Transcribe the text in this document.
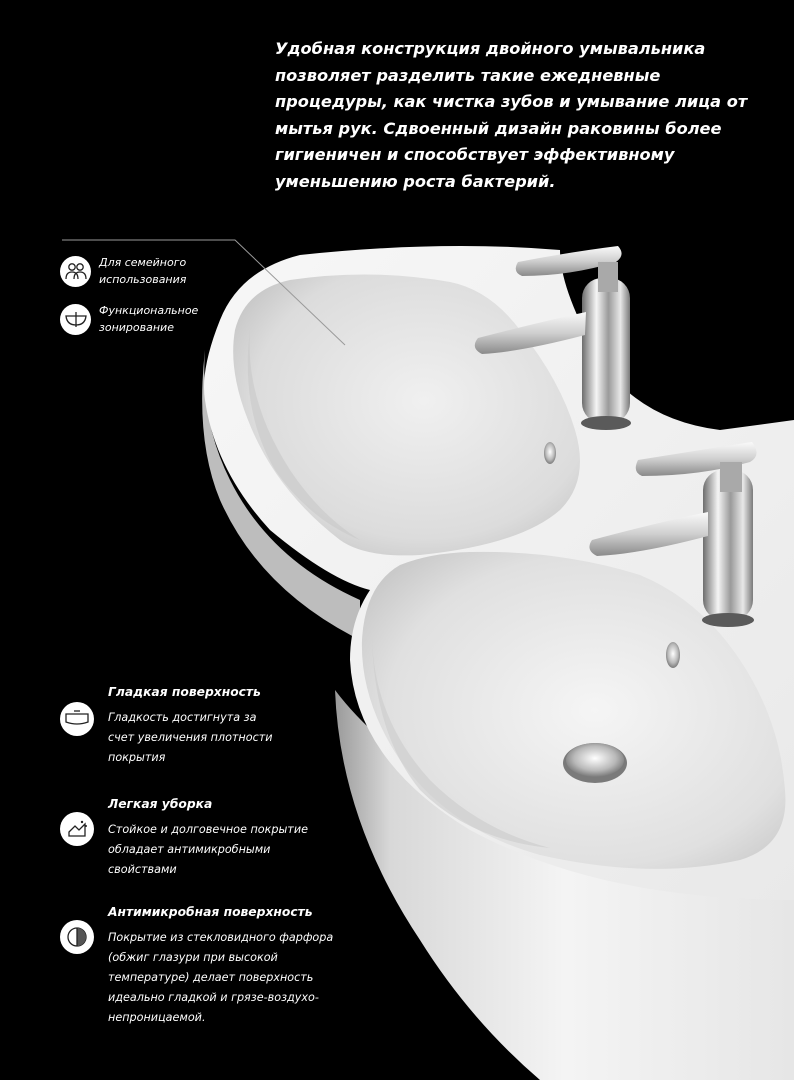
Удобная конструкция двойного умывальника
позволяет разделить такие ежедневные
процедуры, как чистка зубов и умывание лица от
мытья рук. Сдвоенный дизайн раковины более
гигиеничен и способствует эффективному
уменьшению роста бактерий.

Для семейного
использования
Функциональное
зонирование
Гладкая поверхность

Гладкость достигнута за
счет увеличения плотности
покрытия

Легкая уборка

Стойкое и долговечное покрытие
обладает антимикробными
свойствами

Антимикробная поверхность

Покрытие из стекловидного фарфора
(обжиг глазури при высокой
температуре) делает поверхность
идеально гладкой и грязе-воздухо-
непроницаемой.
